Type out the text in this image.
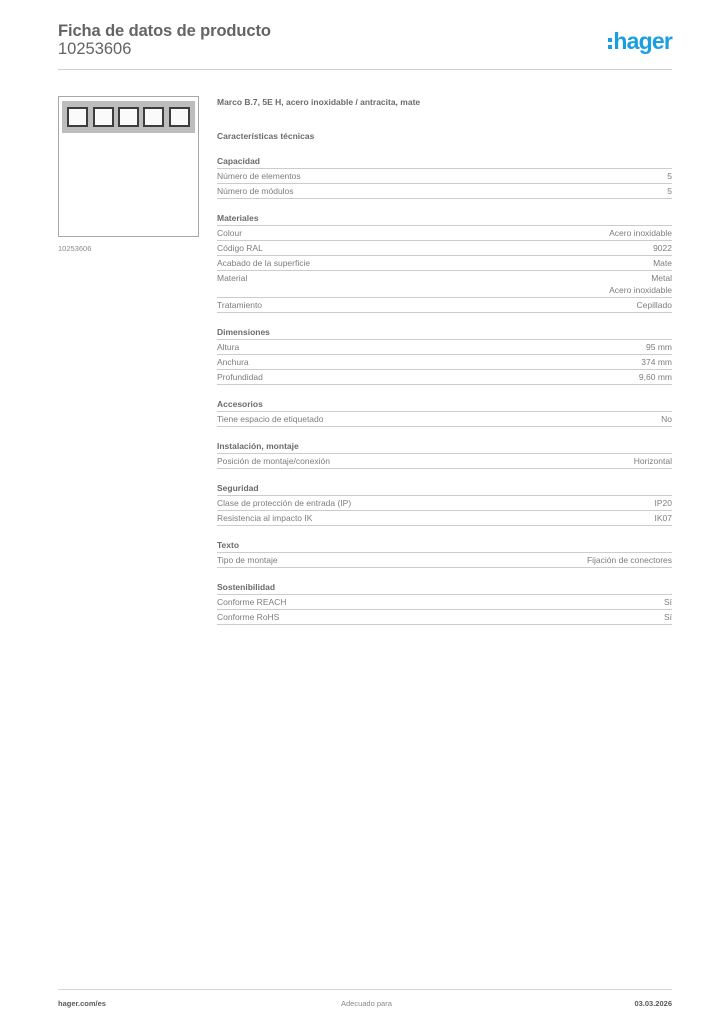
Ficha de datos de producto
10253606	hager
10253606
Marco B.7, 5E H, acero inoxidable / antracita, mate
Características técnicas
Capacidad
Número de elementos	5
Número de módulos	5
Materiales
Colour	Acero inoxidable
Código RAL	9022
Acabado de la superficie	Mate
Material	Metal
Acero inoxidable
Tratamiento	Cepillado
Dimensiones
Altura	95 mm
Anchura	374 mm
Profundidad	9,60 mm
Accesorios
Tiene espacio de etiquetado	No
Instalación, montaje
Posición de montaje/conexión	Horizontal
Seguridad
Clase de protección de entrada (IP)	IP20
Resistencia al impacto IK	IK07
Texto
Tipo de montaje	Fijación de conectores
Sostenibilidad
Conforme REACH	Sí
Conforme RoHS	Sí
hager.com/es	Adecuado para	03.03.2026
